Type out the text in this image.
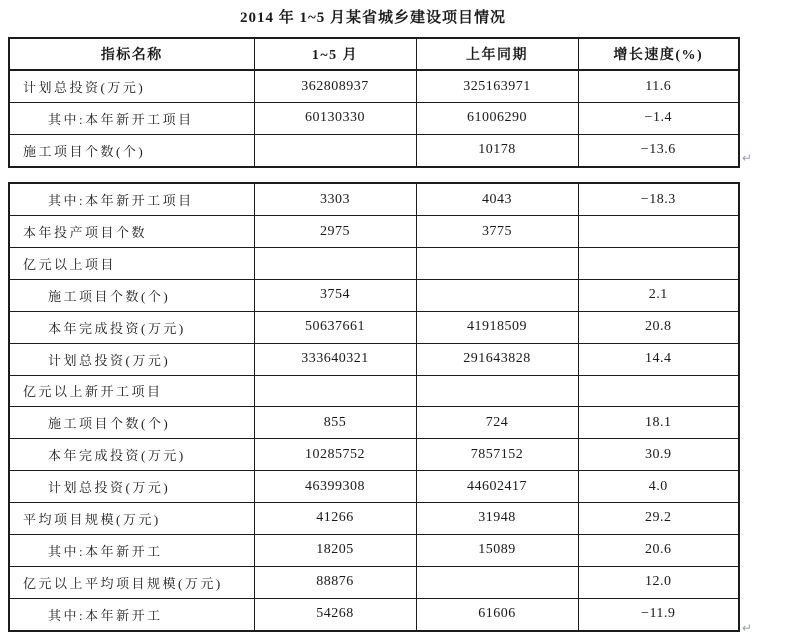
2014 年 1~5 月某省城乡建设项目情况
指标名称	1~5 月	上年同期	增长速度(%)
计划总投资(万元)	362808937	325163971	11.6
其中:本年新开工项目	60130330	61006290	−1.4
施工项目个数(个)		10178	−13.6
↵
其中:本年新开工项目	3303	4043	−18.3
本年投产项目个数	2975	3775	
亿元以上项目			
施工项目个数(个)	3754		2.1
本年完成投资(万元)	50637661	41918509	20.8
计划总投资(万元)	333640321	291643828	14.4
亿元以上新开工项目			
施工项目个数(个)	855	724	18.1
本年完成投资(万元)	10285752	7857152	30.9
计划总投资(万元)	46399308	44602417	4.0
平均项目规模(万元)	41266	31948	29.2
其中:本年新开工	18205	15089	20.6
亿元以上平均项目规模(万元)	88876		12.0
其中:本年新开工	54268	61606	−11.9
↵
